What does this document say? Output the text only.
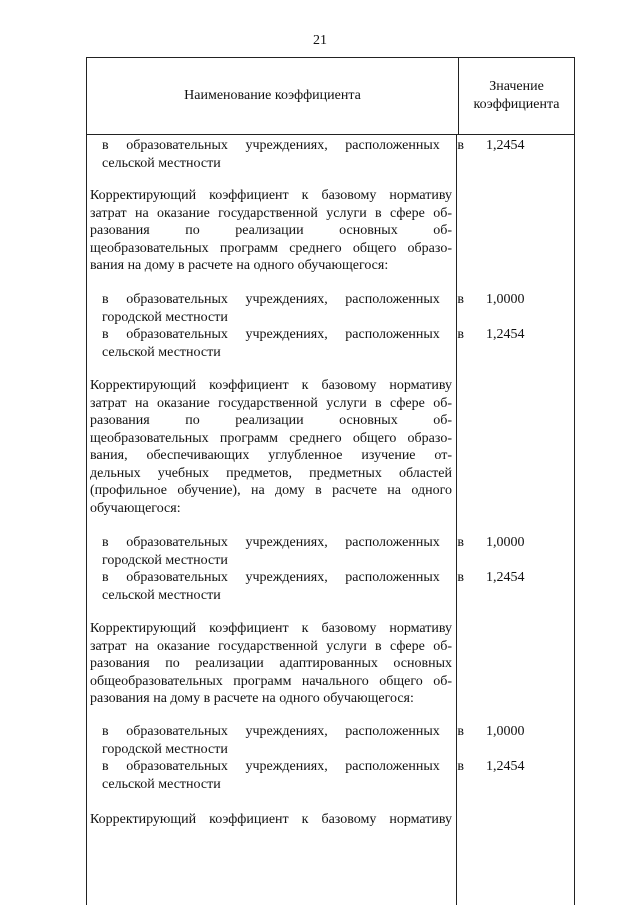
21
Наименование коэффициента
Значение
коэффициента
в образовательных учреждениях, расположенных в
сельской местности
1,2454
Корректирующий коэффициент к базовому нормативу
затрат на оказание государственной услуги в сфере об-
разования по реализации основных об-
щеобразовательных программ среднего общего образо-
вания на дому в расчете на одного обучающегося:
в образовательных учреждениях, расположенных в
городской местности
1,0000
в образовательных учреждениях, расположенных в
сельской местности
1,2454
Корректирующий коэффициент к базовому нормативу
затрат на оказание государственной услуги в сфере об-
разования по реализации основных об-
щеобразовательных программ среднего общего образо-
вания, обеспечивающих углубленное изучение от-
дельных учебных предметов, предметных областей
(профильное обучение), на дому в расчете на одного
обучающегося:
в образовательных учреждениях, расположенных в
городской местности
1,0000
в образовательных учреждениях, расположенных в
сельской местности
1,2454
Корректирующий коэффициент к базовому нормативу
затрат на оказание государственной услуги в сфере об-
разования по реализации адаптированных основных
общеобразовательных программ начального общего об-
разования на дому в расчете на одного обучающегося:
в образовательных учреждениях, расположенных в
городской местности
1,0000
в образовательных учреждениях, расположенных в
сельской местности
1,2454
Корректирующий коэффициент к базовому нормативу
